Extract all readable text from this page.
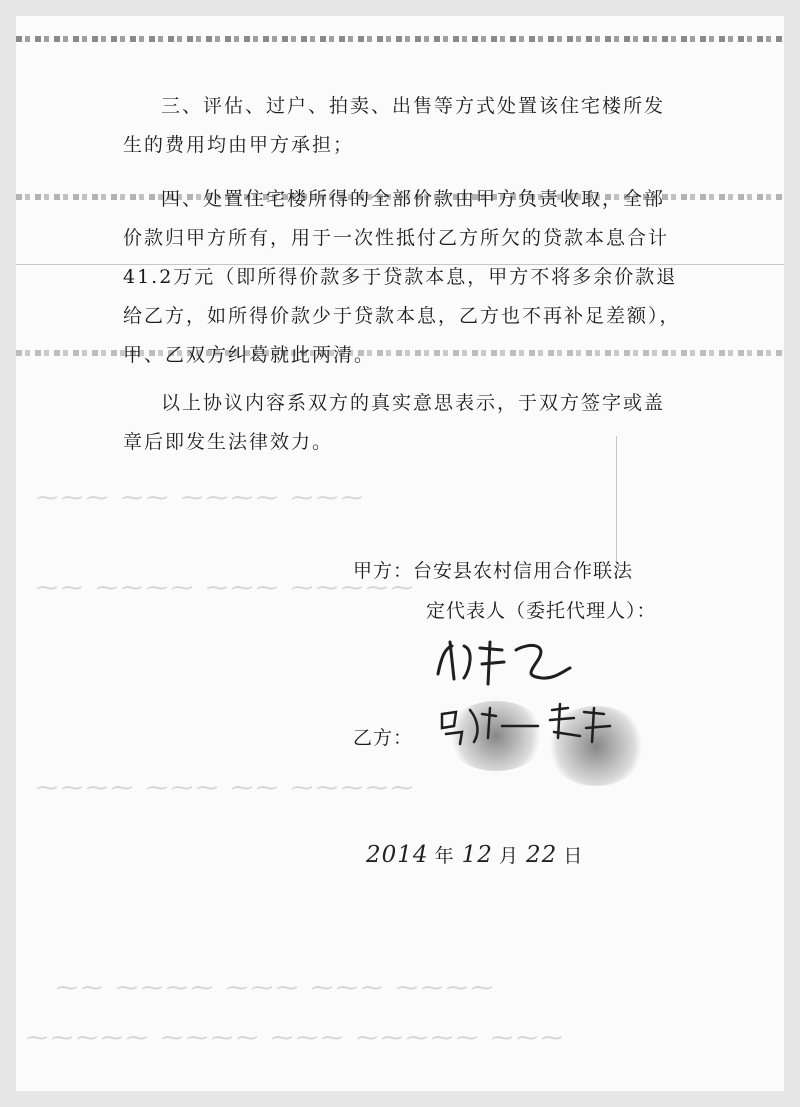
⁓⁓⁓ ⁓⁓ ⁓⁓⁓⁓ ⁓⁓⁓
⁓⁓ ⁓⁓⁓⁓ ⁓⁓⁓ ⁓⁓⁓⁓⁓
⁓⁓⁓⁓ ⁓⁓⁓ ⁓⁓ ⁓⁓⁓⁓⁓
⁓⁓ ⁓⁓⁓⁓ ⁓⁓⁓ ⁓⁓⁓ ⁓⁓⁓⁓
⁓⁓⁓⁓⁓ ⁓⁓⁓⁓ ⁓⁓⁓ ⁓⁓⁓⁓⁓ ⁓⁓⁓

三、评估、过户、拍卖、出售等方式处置该住宅楼所发生的费用均由甲方承担；

四、处置住宅楼所得的全部价款由甲方负责收取，全部价款归甲方所有，用于一次性抵付乙方所欠的贷款本息合计41.2万元（即所得价款多于贷款本息，甲方不将多余价款退给乙方，如所得价款少于贷款本息，乙方也不再补足差额），甲、乙双方纠葛就此两清。

以上协议内容系双方的真实意思表示，于双方签字或盖章后即发生法律效力。

甲方：台安县农村信用合作联法
定代表人（委托代理人）：
乙方：
2014 年 12 月 22 日
